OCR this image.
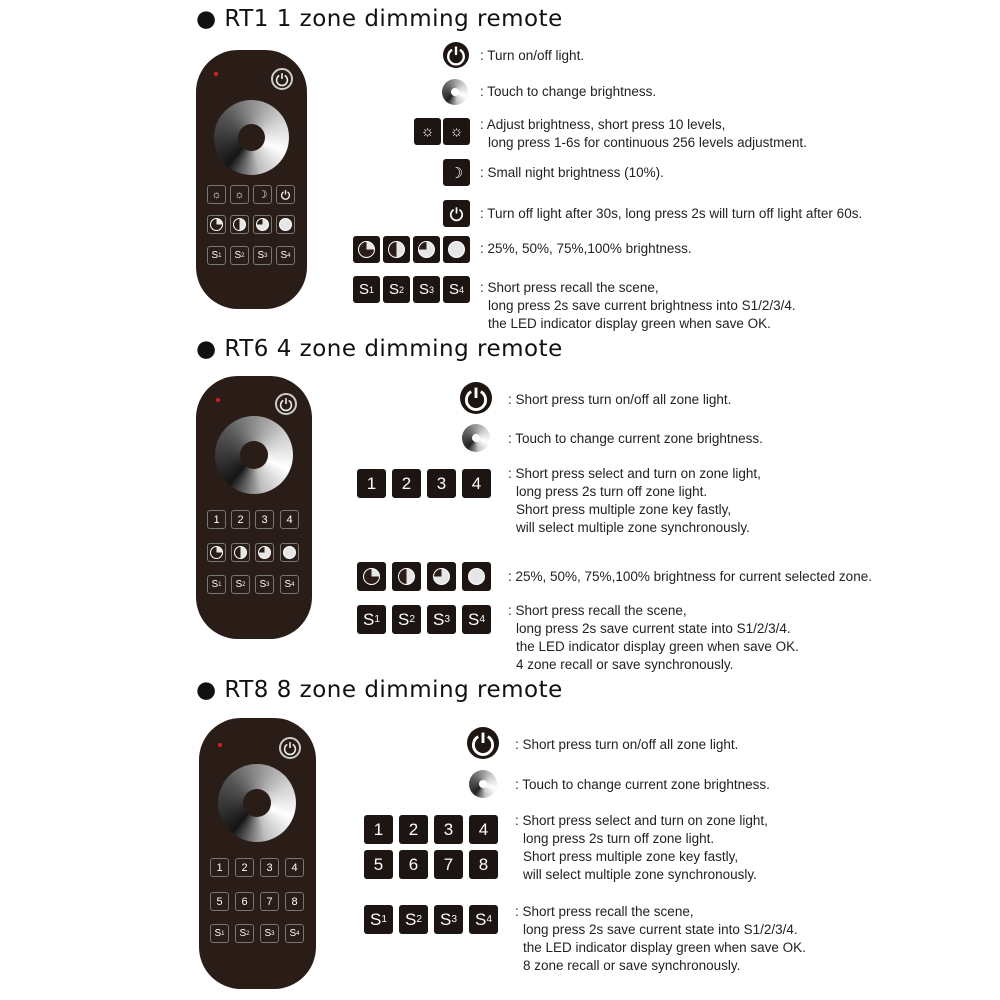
● RT1 1 zone dimming remote
● RT6 4 zone dimming remote
● RT8 8 zone dimming remote
☼ ☼ ☽
S 1 S 2 S 3 S 4
☼ ☼
☽
S 1 S 2 S 3 S 4
: Turn on/off light.
: Touch to change brightness.
: Adjust brightness, short press 10 levels,
long press 1-6s for continuous 256 levels adjustment.
: Small night brightness (10%).
: Turn off light after 30s, long press 2s will turn off light after 60s.
: 25%, 50%, 75%,100% brightness.
: Short press recall the scene,
long press 2s save current brightness into S1/2/3/4.
the LED indicator display green when save OK.
1	2	3	4
S 1 S 2 S 3 S 4
1	2	3	4
S 1 S 2 S 3 S 4
: Short press turn on/off all zone light.
: Touch to change current zone brightness.
: Short press select and turn on zone light,
long press 2s turn off zone light.
Short press multiple zone key fastly,
will select multiple zone synchronously.
: 25%, 50%, 75%,100% brightness for current selected zone.
: Short press recall the scene,
long press 2s save current state into S1/2/3/4.
the LED indicator display green when save OK.
4 zone recall or save synchronously.
1	2	3	4
5	6	7	8
S 1 S 2 S 3 S 4
1	2	3	4
5	6	7	8
S 1 S 2 S 3 S 4
: Short press turn on/off all zone light.
: Touch to change current zone brightness.
: Short press select and turn on zone light,
long press 2s turn off zone light.
Short press multiple zone key fastly,
will select multiple zone synchronously.
: Short press recall the scene,
long press 2s save current state into S1/2/3/4.
the LED indicator display green when save OK.
8 zone recall or save synchronously.
